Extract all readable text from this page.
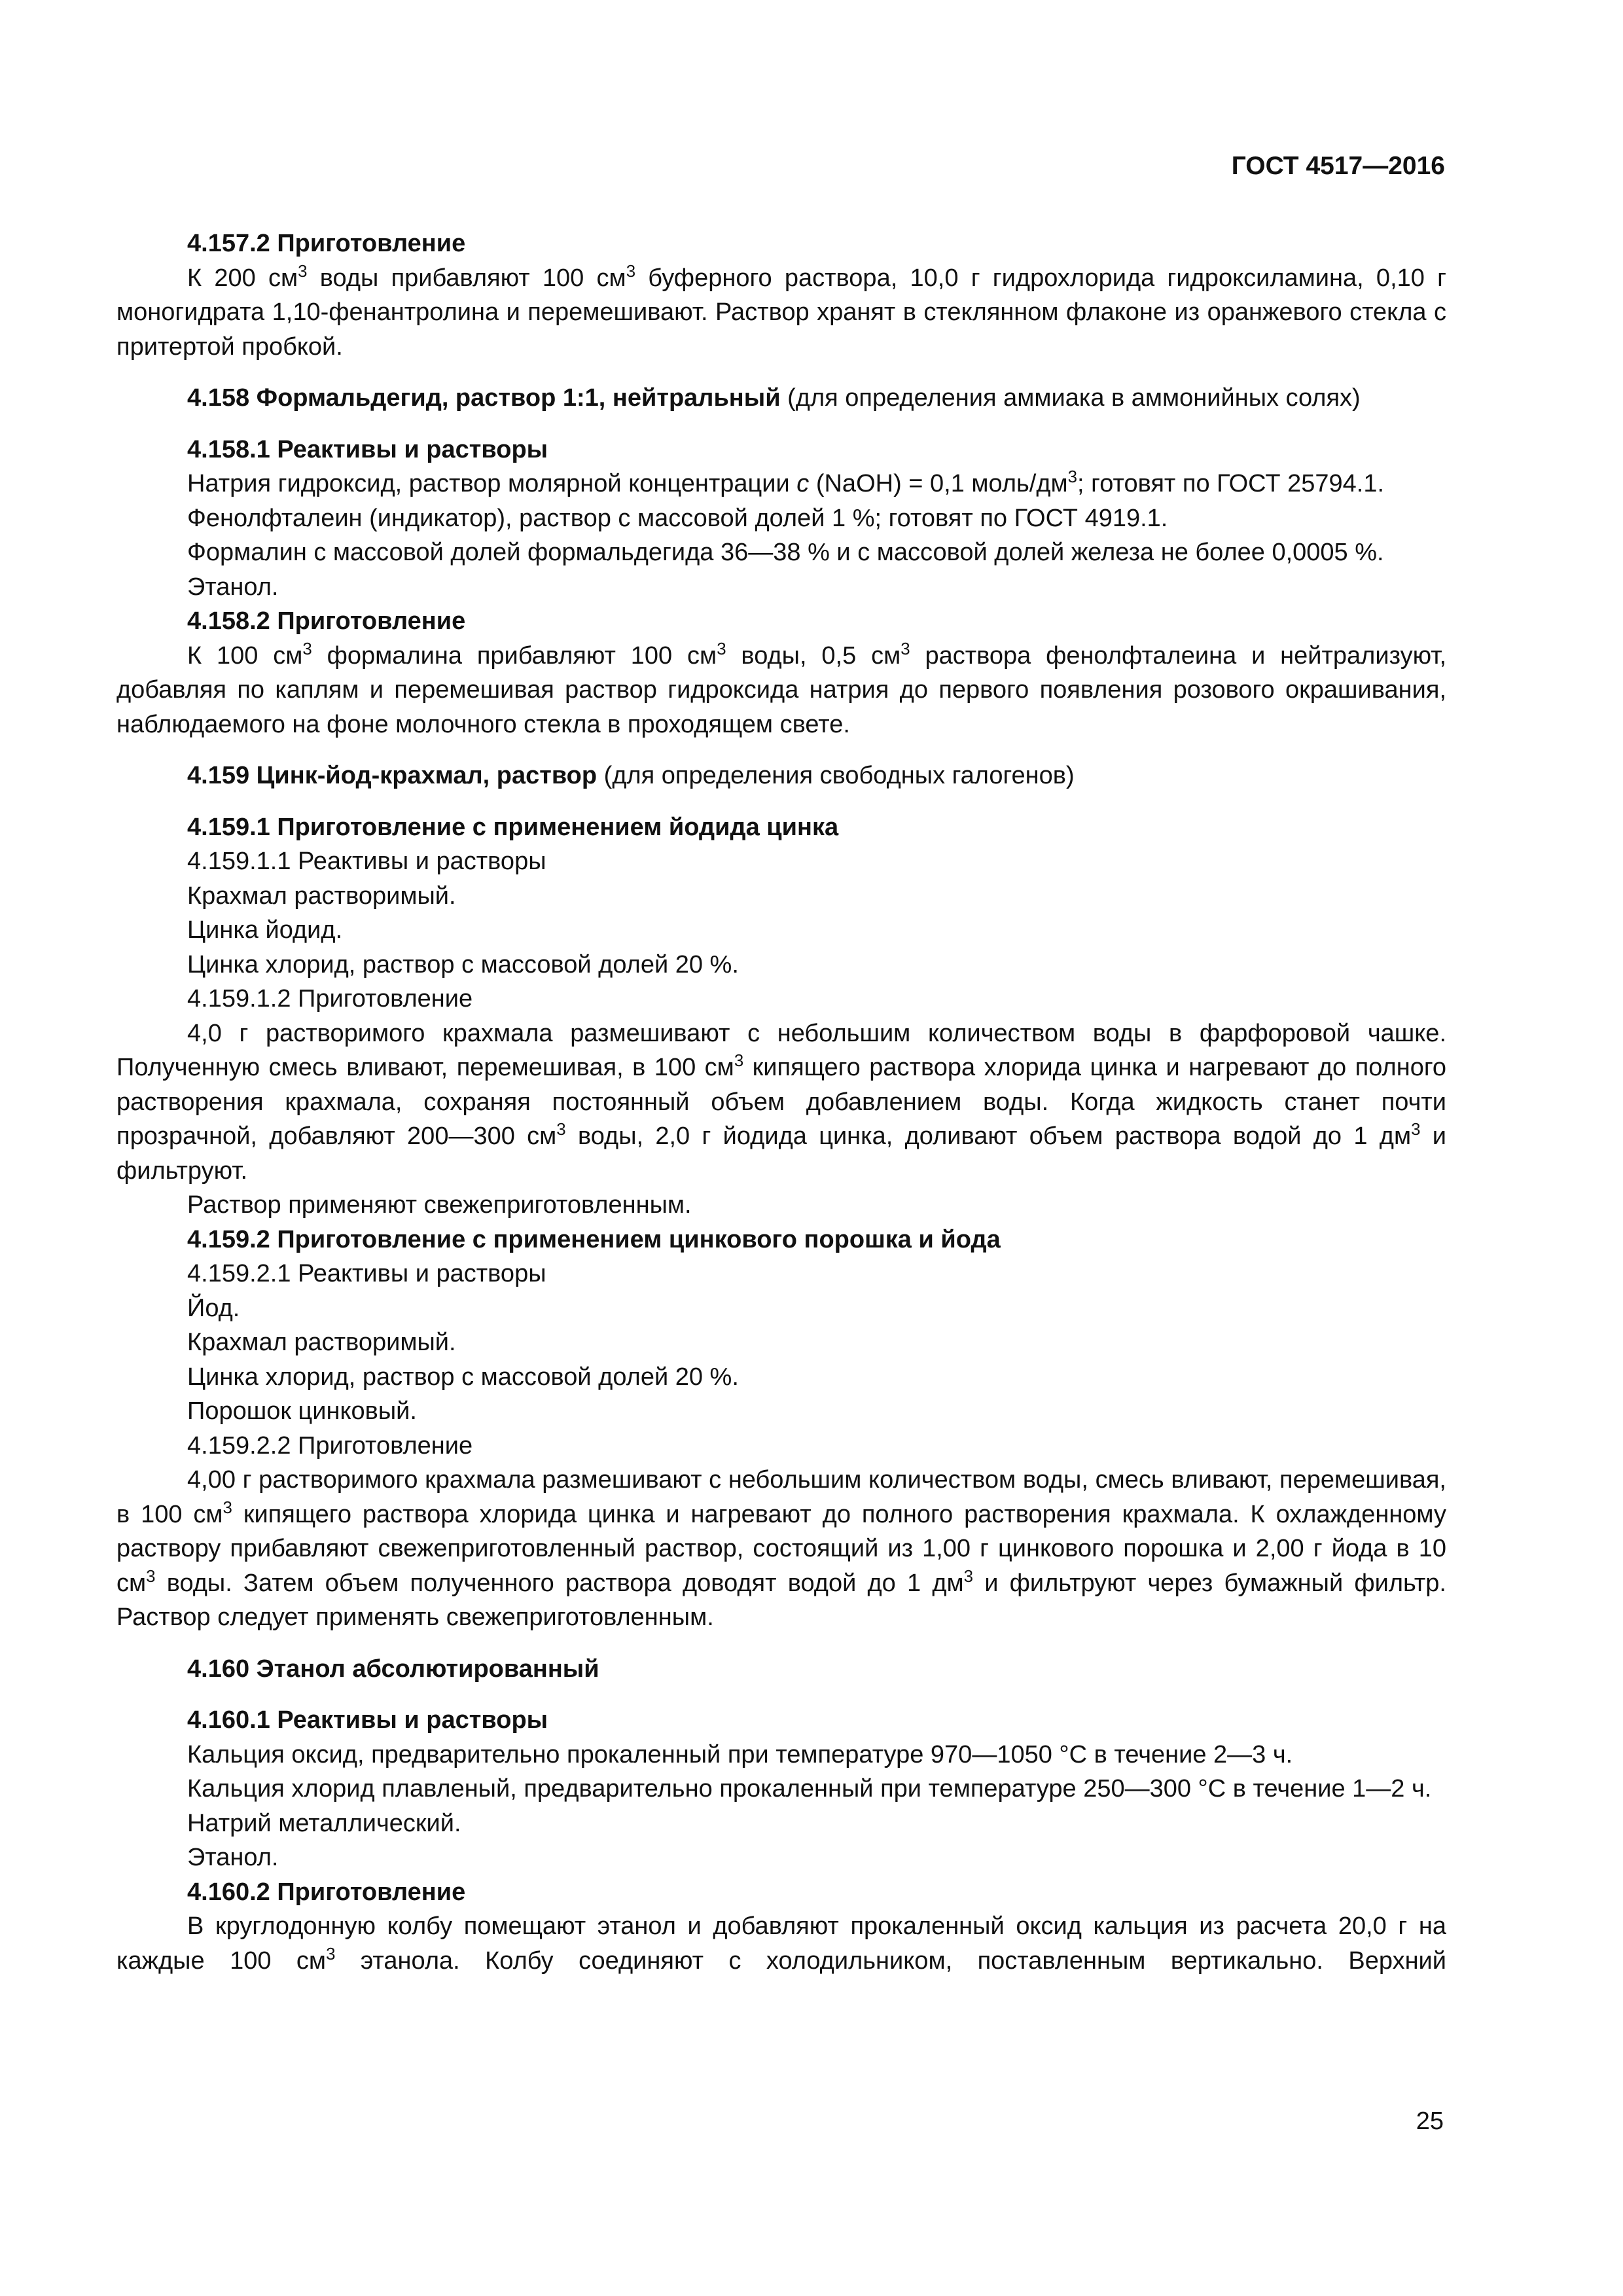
ГОСТ 4517—2016

4.157.2 Приготовление

К 200 $см^3$ воды прибавляют 100 $см^3$ буферного раствора, 10,0 г гидрохлорида гидроксиламина, 0,10 г моногидрата 1,10-фенантролина и перемешивают. Раствор хранят в стеклянном флаконе из оранжевого стекла с притертой пробкой.

4.158 Формальдегид, раствор 1:1, нейтральный (для определения аммиака в аммонийных солях)

4.158.1 Реактивы и растворы

Натрия гидроксид, раствор молярной концентрации c (NaOH) = 0,1 моль/$дм^3$; готовят по ГОСТ 25794.1.

Фенолфталеин (индикатор), раствор с массовой долей 1 %; готовят по ГОСТ 4919.1.

Формалин с массовой долей формальдегида 36—38 % и с массовой долей железа не более 0,0005 %.

Этанол.

4.158.2 Приготовление

К 100 $см^3$ формалина прибавляют 100 $см^3$ воды, 0,5 $см^3$ раствора фенолфталеина и нейтрализуют, добавляя по каплям и перемешивая раствор гидроксида натрия до первого появления розового окрашивания, наблюдаемого на фоне молочного стекла в проходящем свете.

4.159 Цинк-йод-крахмал, раствор (для определения свободных галогенов)

4.159.1 Приготовление с применением йодида цинка

4.159.1.1 Реактивы и растворы

Крахмал растворимый.

Цинка йодид.

Цинка хлорид, раствор с массовой долей 20 %.

4.159.1.2 Приготовление

4,0 г растворимого крахмала размешивают с небольшим количеством воды в фарфоровой чашке. Полученную смесь вливают, перемешивая, в 100 $см^3$ кипящего раствора хлорида цинка и нагревают до полного растворения крахмала, сохраняя постоянный объем добавлением воды. Когда жидкость станет почти прозрачной, добавляют 200—300 $см^3$ воды, 2,0 г йодида цинка, доливают объем раствора водой до 1 $дм^3$ и фильтруют.

Раствор применяют свежеприготовленным.

4.159.2 Приготовление с применением цинкового порошка и йода

4.159.2.1 Реактивы и растворы

Йод.

Крахмал растворимый.

Цинка хлорид, раствор с массовой долей 20 %.

Порошок цинковый.

4.159.2.2 Приготовление

4,00 г растворимого крахмала размешивают с небольшим количеством воды, смесь вливают, перемешивая, в 100 $см^3$ кипящего раствора хлорида цинка и нагревают до полного растворения крахмала. К охлажденному раствору прибавляют свежеприготовленный раствор, состоящий из 1,00 г цинкового порошка и 2,00 г йода в 10 $см^3$ воды. Затем объем полученного раствора доводят водой до 1 $дм^3$ и фильтруют через бумажный фильтр. Раствор следует применять свежеприготовленным.

4.160 Этанол абсолютированный

4.160.1 Реактивы и растворы

Кальция оксид, предварительно прокаленный при температуре 970—1050 °С в течение 2—3 ч.

Кальция хлорид плавленый, предварительно прокаленный при температуре 250—300 °С в течение 1—2 ч.

Натрий металлический.

Этанол.

4.160.2 Приготовление

В круглодонную колбу помещают этанол и добавляют прокаленный оксид кальция из расчета 20,0 г на каждые 100 $см^3$ этанола. Колбу соединяют с холодильником, поставленным вертикально. Верхний

25
